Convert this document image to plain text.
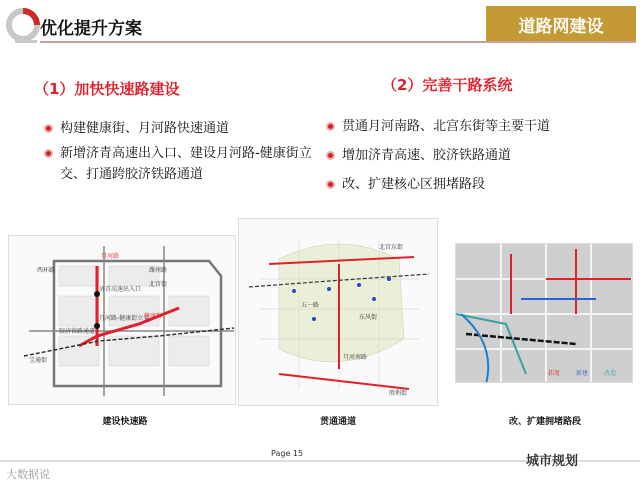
优化提升方案	道路网建设
（1）加快快速路建设
构建健康街、月河路快速通道
新增济青高速出入口、建设月河路-健康街立交、打通跨胶济铁路通道
（2）完善干路系统
贯通月河南路、北宫东街等主要干道
增加济青高速、胶济铁路通道
改、扩建核心区拥堵路段
西环路
月河路
潍州路
北宫街
济青高速出入口
胶济铁路通道
月河路-健康街立交
健康街
宝通街
建设快速路
北宫东街
月河南路
五一路
东风街
胜利街
贯通通道
拓宽	新建	改造
改、扩建拥堵路段
Page 15
大数据说
城市规划
